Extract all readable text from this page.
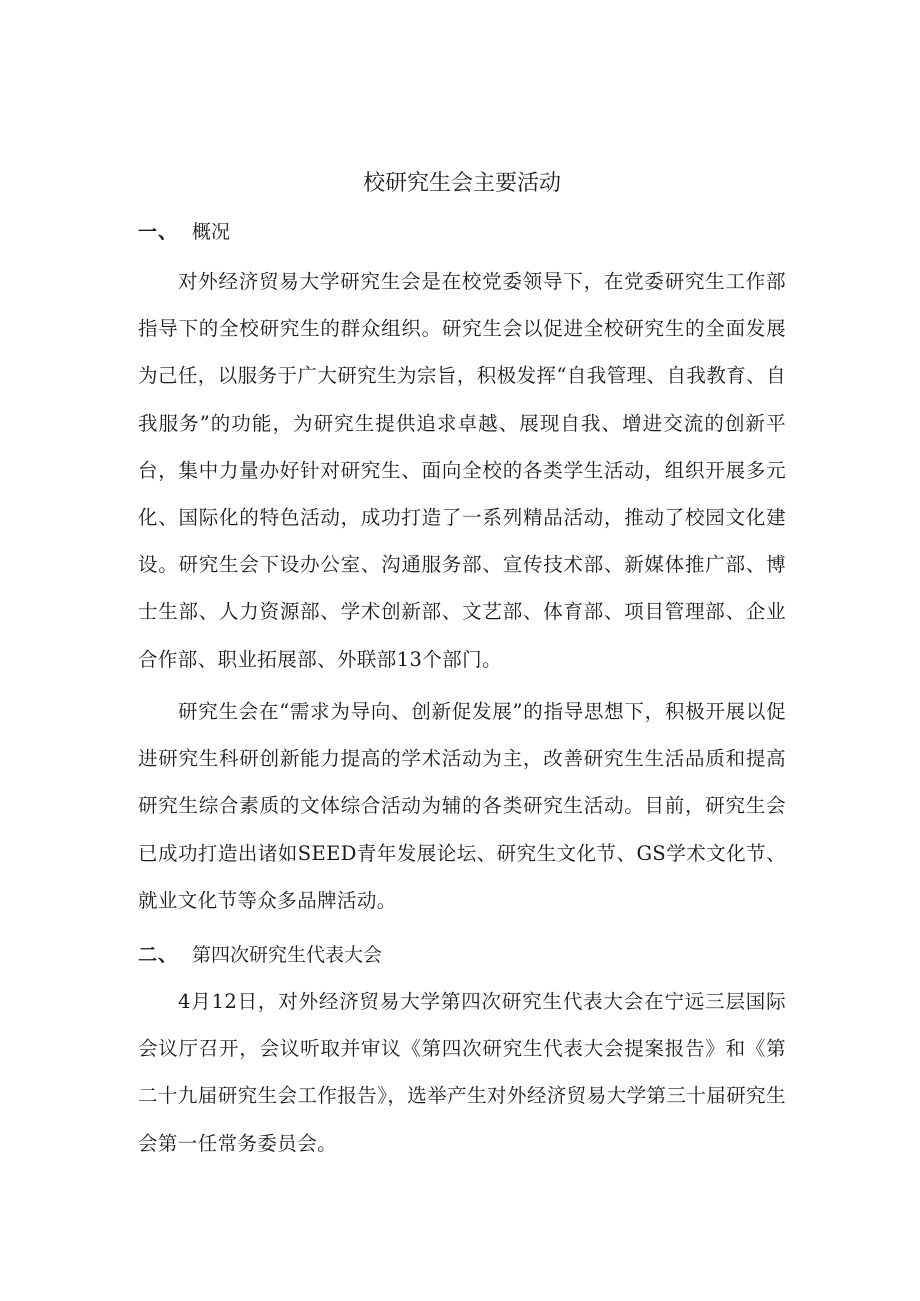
校研究生会主要活动
一、 概况

对外经济贸易大学研究生会是在校党委领导下，在党委研究生工作部指导下的全校研究生的群众组织。研究生会以促进全校研究生的全面发展为己任，以服务于广大研究生为宗旨，积极发挥“自我管理、自我教育、自我服务”的功能，为研究生提供追求卓越、展现自我、增进交流的创新平台，集中力量办好针对研究生、面向全校的各类学生活动，组织开展多元化、国际化的特色活动，成功打造了一系列精品活动，推动了校园文化建设。研究生会下设办公室、沟通服务部、宣传技术部、新媒体推广部、博士生部、人力资源部、学术创新部、文艺部、体育部、项目管理部、企业合作部、职业拓展部、外联部13个部门。

研究生会在“需求为导向、创新促发展”的指导思想下，积极开展以促进研究生科研创新能力提高的学术活动为主，改善研究生生活品质和提高研究生综合素质的文体综合活动为辅的各类研究生活动。目前，研究生会已成功打造出诸如SEED青年发展论坛、研究生文化节、GS学术文化节、就业文化节等众多品牌活动。

二、 第四次研究生代表大会

4月12日，对外经济贸易大学第四次研究生代表大会在宁远三层国际会议厅召开，会议听取并审议《第四次研究生代表大会提案报告》和《第二十九届研究生会工作报告》，选举产生对外经济贸易大学第三十届研究生会第一任常务委员会。
